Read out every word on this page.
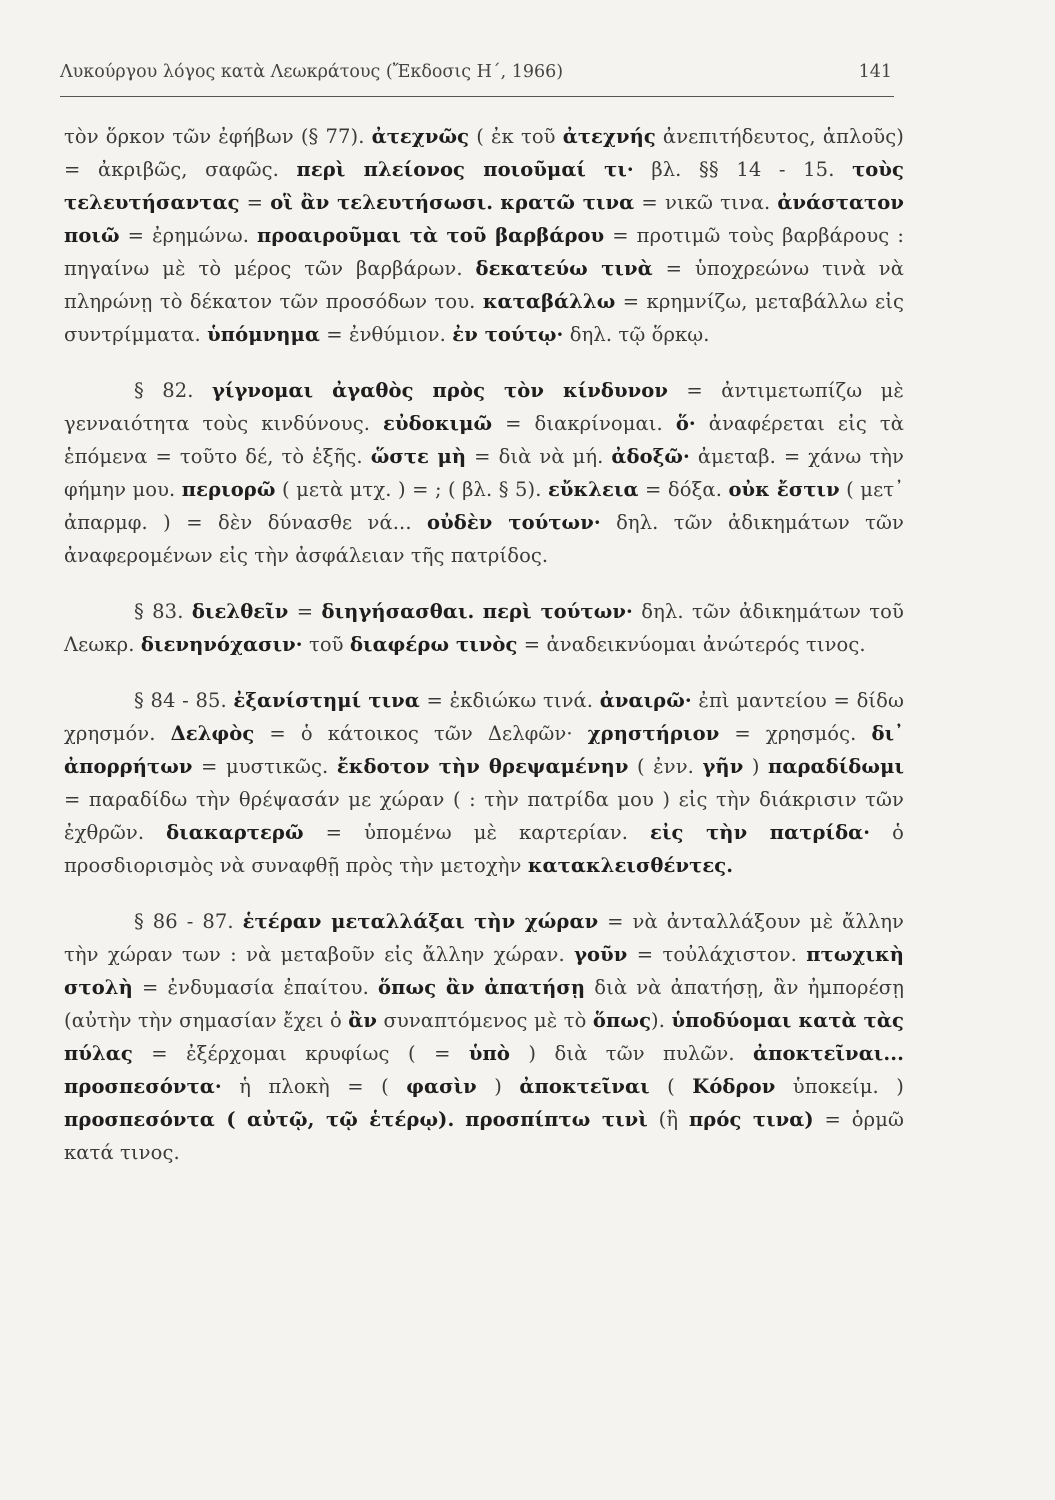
Λυκούργου λόγος κατὰ Λεωκράτους (Ἔκδοσις Η΄, 1966)	141

τὸν ὅρκον τῶν ἐφήβων (§ 77). ἀτεχνῶς ( ἐκ τοῦ ἀτεχνής ἀνεπιτήδευτος, ἁπλοῦς) = ἀκριβῶς, σαφῶς. περὶ πλείονος ποιοῦμαί τι· βλ. §§ 14 - 15. τοὺς τελευτήσαντας = οἳ ἂν τελευτήσωσι. κρατῶ τινα = νικῶ τινα. ἀνάστατον ποιῶ = ἐρημώνω. προαιροῦμαι τὰ τοῦ βαρβάρου = προτιμῶ τοὺς βαρβάρους : πηγαίνω μὲ τὸ μέρος τῶν βαρβάρων. δεκατεύω τινὰ = ὑποχρεώνω τινὰ νὰ πληρώνῃ τὸ δέκατον τῶν προσόδων του. καταβάλλω = κρημνίζω, μεταβάλλω εἰς συντρίμματα. ὑπόμνημα = ἐνθύμιον. ἐν τούτῳ· δηλ. τῷ ὅρκῳ.

§ 82. γίγνομαι ἀγαθὸς πρὸς τὸν κίνδυνον = ἀντιμετωπίζω μὲ γενναιότητα τοὺς κινδύνους. εὐδοκιμῶ = διακρίνομαι. ὅ· ἀναφέρεται εἰς τὰ ἑπόμενα = τοῦτο δέ, τὸ ἑξῆς. ὥστε μὴ = διὰ νὰ μή. ἀδοξῶ· ἀμεταβ. = χάνω τὴν φήμην μου. περιορῶ ( μετὰ μτχ. ) = ; ( βλ. § 5). εὔκλεια = δόξα. οὐκ ἔστιν ( μετ᾽ ἀπαρμφ. ) = δὲν δύνασθε νά... οὐδὲν τούτων· δηλ. τῶν ἀδικημάτων τῶν ἀναφερομένων εἰς τὴν ἀσφάλειαν τῆς πατρίδος.

§ 83. διελθεῖν = διηγήσασθαι. περὶ τούτων· δηλ. τῶν ἀδικημάτων τοῦ Λεωκρ. διενηνόχασιν· τοῦ διαφέρω τινὸς = ἀναδεικνύομαι ἀνώτερός τινος.

§ 84 - 85. ἐξανίστημί τινα = ἐκδιώκω τινά. ἀναιρῶ· ἐπὶ μαντείου = δίδω χρησμόν. Δελφὸς = ὁ κάτοικος τῶν Δελφῶν· χρηστήριον = χρησμός. δι᾽ ἀπορρήτων = μυστικῶς. ἔκδοτον τὴν θρεψαμένην ( ἐνν. γῆν ) παραδίδωμι = παραδίδω τὴν θρέψασάν με χώραν ( : τὴν πατρίδα μου ) εἰς τὴν διάκρισιν τῶν ἐχθρῶν. διακαρτερῶ = ὑπομένω μὲ καρτερίαν. εἰς τὴν πατρίδα· ὁ προσδιορισμὸς νὰ συναφθῇ πρὸς τὴν μετοχὴν κατακλεισθέντες.

§ 86 - 87. ἑτέραν μεταλλάξαι τὴν χώραν = νὰ ἀνταλλάξουν μὲ ἄλλην τὴν χώραν των : νὰ μεταβοῦν εἰς ἄλλην χώραν. γοῦν = τοὐλάχιστον. πτωχικὴ στολὴ = ἐνδυμασία ἐπαίτου. ὅπως ἂν ἀπατήσῃ διὰ νὰ ἀπατήσῃ, ἂν ἠμπορέσῃ (αὐτὴν τὴν σημασίαν ἔχει ὁ ἂν συναπτόμενος μὲ τὸ ὅπως). ὑποδύομαι κατὰ τὰς πύλας = ἐξέρχομαι κρυφίως ( = ὑπὸ ) διὰ τῶν πυλῶν. ἀποκτεῖναι... προσπεσόντα· ἡ πλοκὴ = ( φασὶν ) ἀποκτεῖναι ( Κόδρον ὑποκείμ. ) προσπεσόντα ( αὐτῷ, τῷ ἑτέρῳ). προσπίπτω τινὶ (ἢ πρός τινα) = ὁρμῶ κατά τινος.
